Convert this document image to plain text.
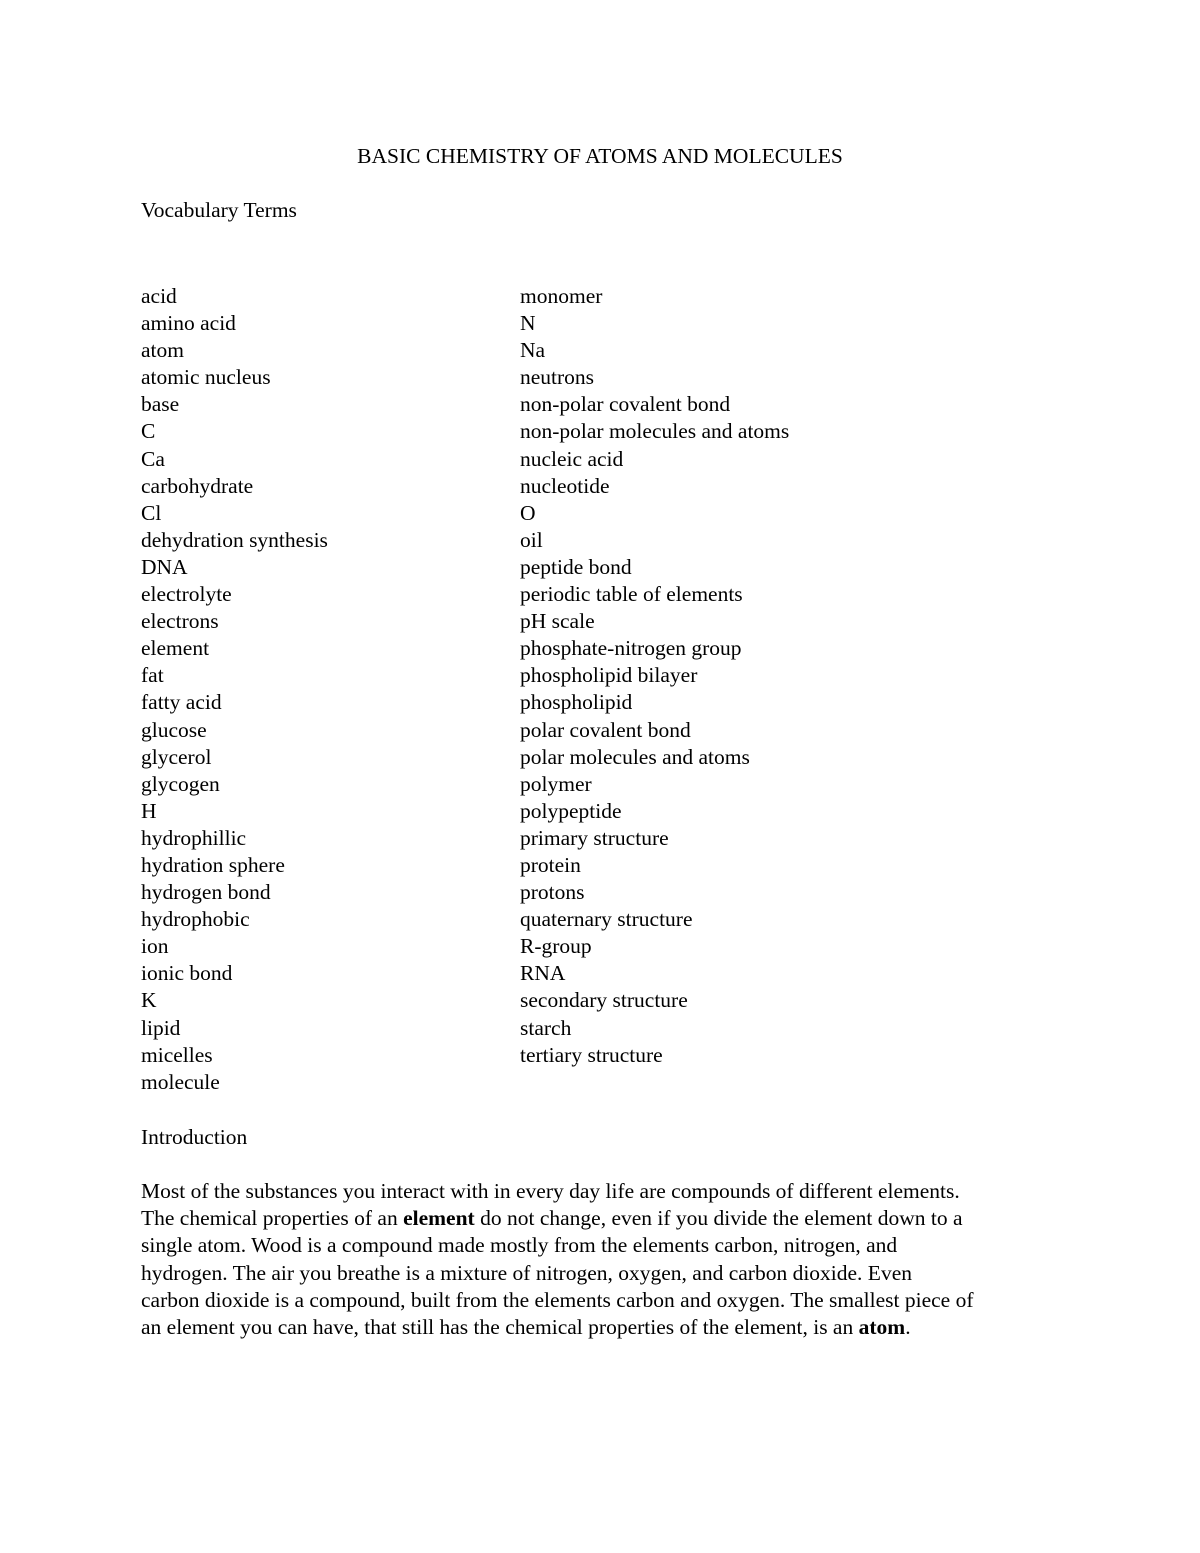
BASIC CHEMISTRY OF ATOMS AND MOLECULES
Vocabulary Terms
acid
amino acid
atom
atomic nucleus
base
C
Ca
carbohydrate
Cl
dehydration synthesis
DNA
electrolyte
electrons
element
fat
fatty acid
glucose
glycerol
glycogen
H
hydrophillic
hydration sphere
hydrogen bond
hydrophobic
ion
ionic bond
K
lipid
micelles
molecule
monomer
N
Na
neutrons
non-polar covalent bond
non-polar molecules and atoms
nucleic acid
nucleotide
O
oil
peptide bond
periodic table of elements
pH scale
phosphate-nitrogen group
phospholipid bilayer
phospholipid
polar covalent bond
polar molecules and atoms
polymer
polypeptide
primary structure
protein
protons
quaternary structure
R-group
RNA
secondary structure
starch
tertiary structure
Introduction
Most of the substances you interact with in every day life are compounds of different elements.
The chemical properties of an element do not change, even if you divide the element down to a
single atom. Wood is a compound made mostly from the elements carbon, nitrogen, and
hydrogen. The air you breathe is a mixture of nitrogen, oxygen, and carbon dioxide. Even
carbon dioxide is a compound, built from the elements carbon and oxygen. The smallest piece of
an element you can have, that still has the chemical properties of the element, is an atom.
